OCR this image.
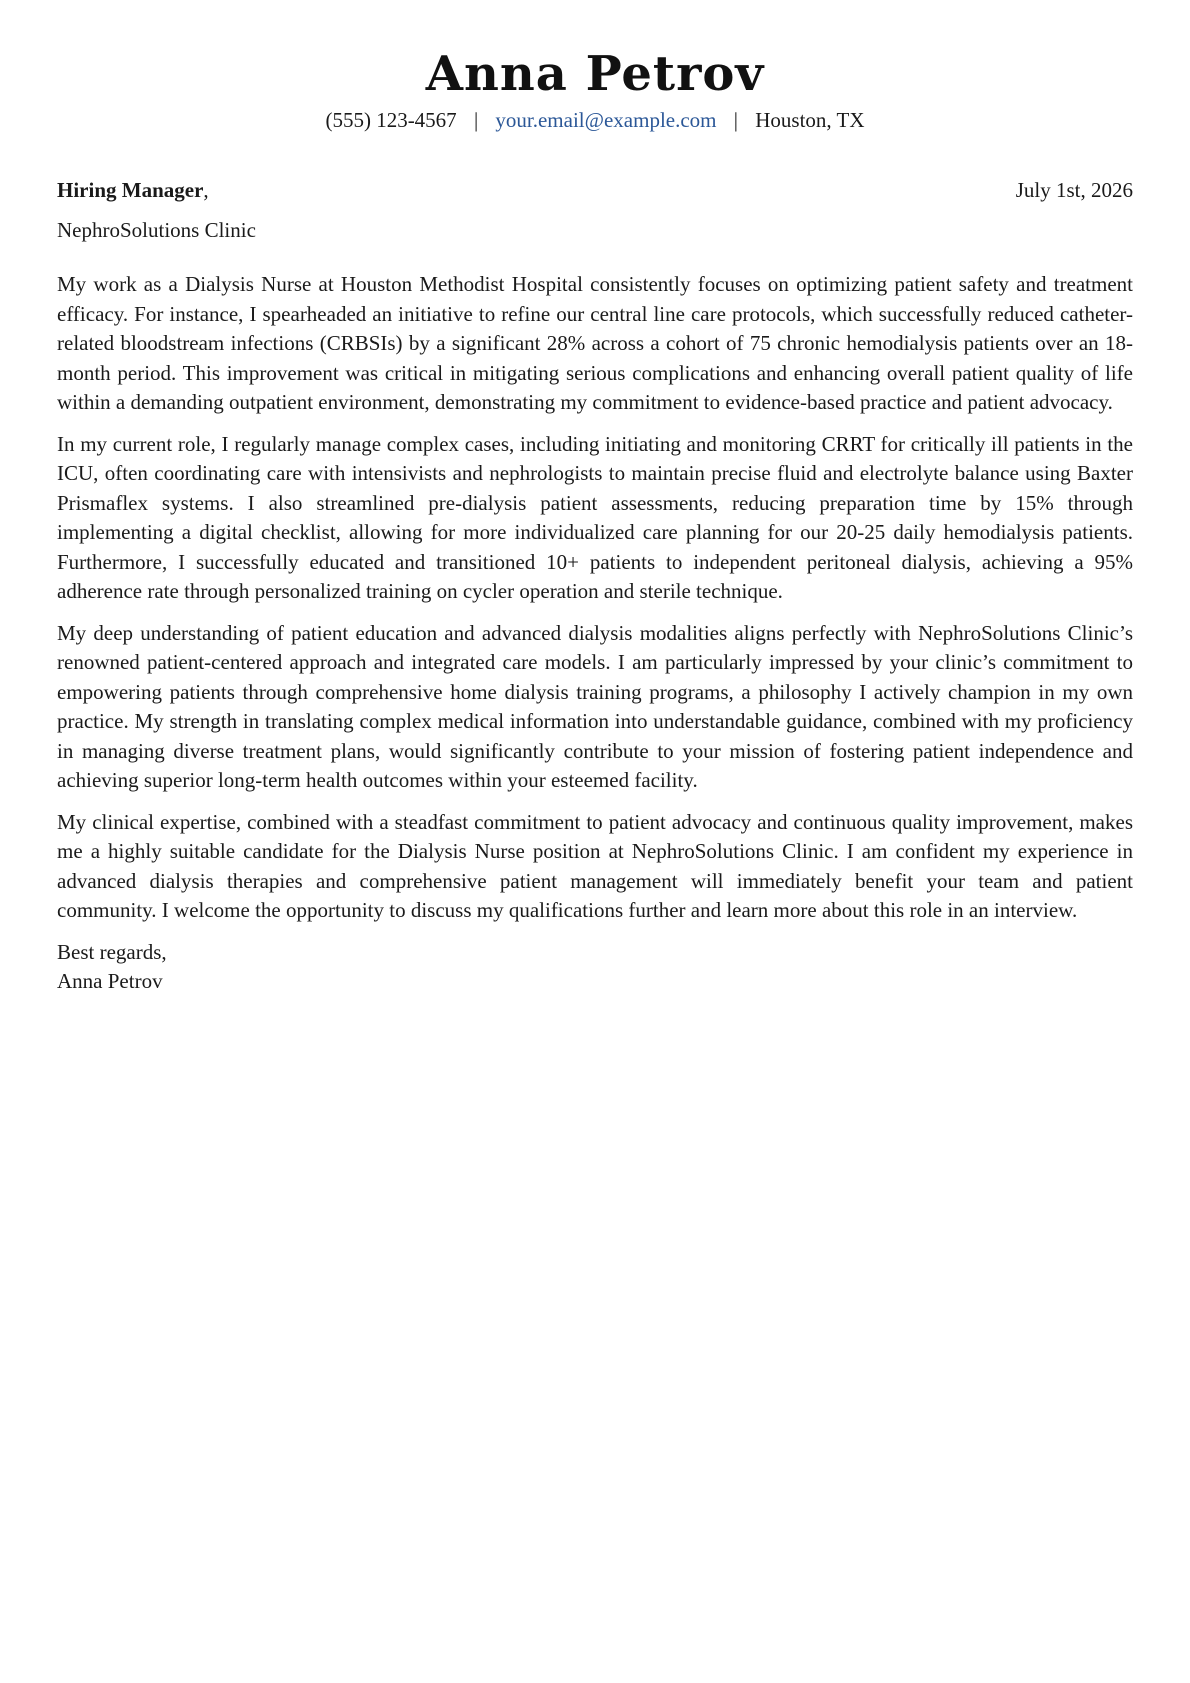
Anna Petrov
(555) 123-4567 | your.email@example.com | Houston, TX
Hiring Manager,	July 1st, 2026
NephroSolutions Clinic

My work as a Dialysis Nurse at Houston Methodist Hospital consistently focuses on optimizing patient safety and treatment efficacy. For instance, I spearheaded an initiative to refine our central line care protocols, which successfully reduced catheter-related bloodstream infections (CRBSIs) by a significant 28% across a cohort of 75 chronic hemodialysis patients over an 18-month period. This improvement was critical in mitigating serious complications and enhancing overall patient quality of life within a demanding outpatient environment, demonstrating my commitment to evidence-based practice and patient advocacy.

In my current role, I regularly manage complex cases, including initiating and monitoring CRRT for critically ill patients in the ICU, often coordinating care with intensivists and nephrologists to maintain precise fluid and electrolyte balance using Baxter Prismaflex systems. I also streamlined pre-dialysis patient assessments, reducing preparation time by 15% through implementing a digital checklist, allowing for more individualized care planning for our 20-25 daily hemodialysis patients. Furthermore, I successfully educated and transitioned 10+ patients to independent peritoneal dialysis, achieving a 95% adherence rate through personalized training on cycler operation and sterile technique.

My deep understanding of patient education and advanced dialysis modalities aligns perfectly with NephroSolutions Clinic’s renowned patient-centered approach and integrated care models. I am particularly impressed by your clinic’s commitment to empowering patients through comprehensive home dialysis training programs, a philosophy I actively champion in my own practice. My strength in translating complex medical information into understandable guidance, combined with my proficiency in managing diverse treatment plans, would significantly contribute to your mission of fostering patient independence and achieving superior long-term health outcomes within your esteemed facility.

My clinical expertise, combined with a steadfast commitment to patient advocacy and continuous quality improvement, makes me a highly suitable candidate for the Dialysis Nurse position at NephroSolutions Clinic. I am confident my experience in advanced dialysis therapies and comprehensive patient management will immediately benefit your team and patient community. I welcome the opportunity to discuss my qualifications further and learn more about this role in an interview.

Best regards,
Anna Petrov
